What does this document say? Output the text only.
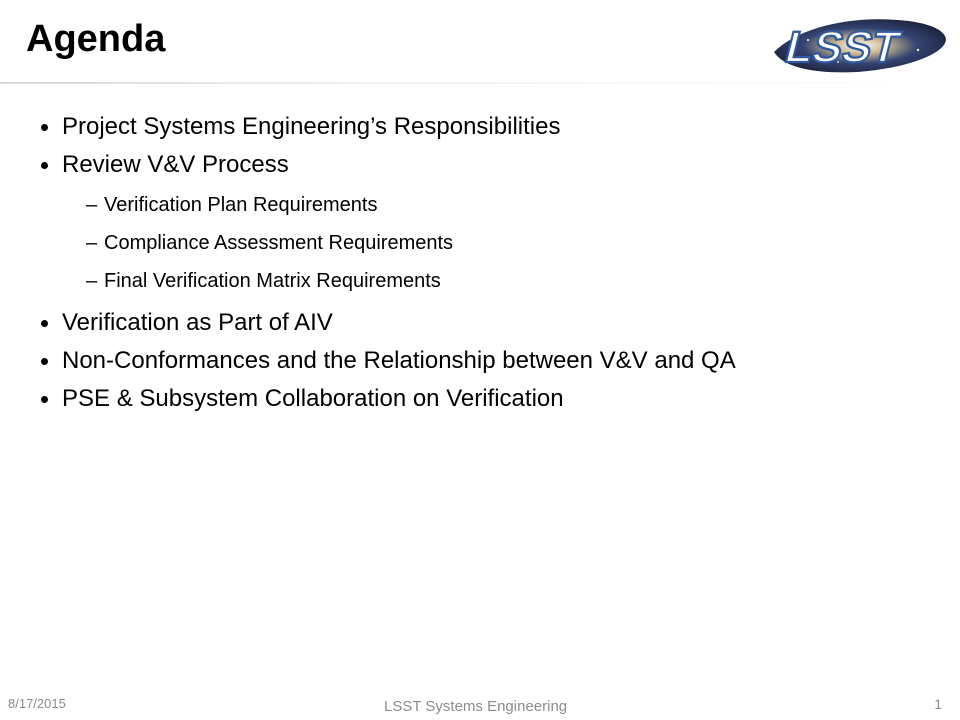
Agenda	LSST
Project Systems Engineering’s Responsibilities
Review V&V Process
– Verification Plan Requirements
– Compliance Assessment Requirements
– Final Verification Matrix Requirements
Verification as Part of AIV
Non-Conformances and the Relationship between V&V and QA
PSE & Subsystem Collaboration on Verification
8/17/2015	LSST Systems Engineering	1
